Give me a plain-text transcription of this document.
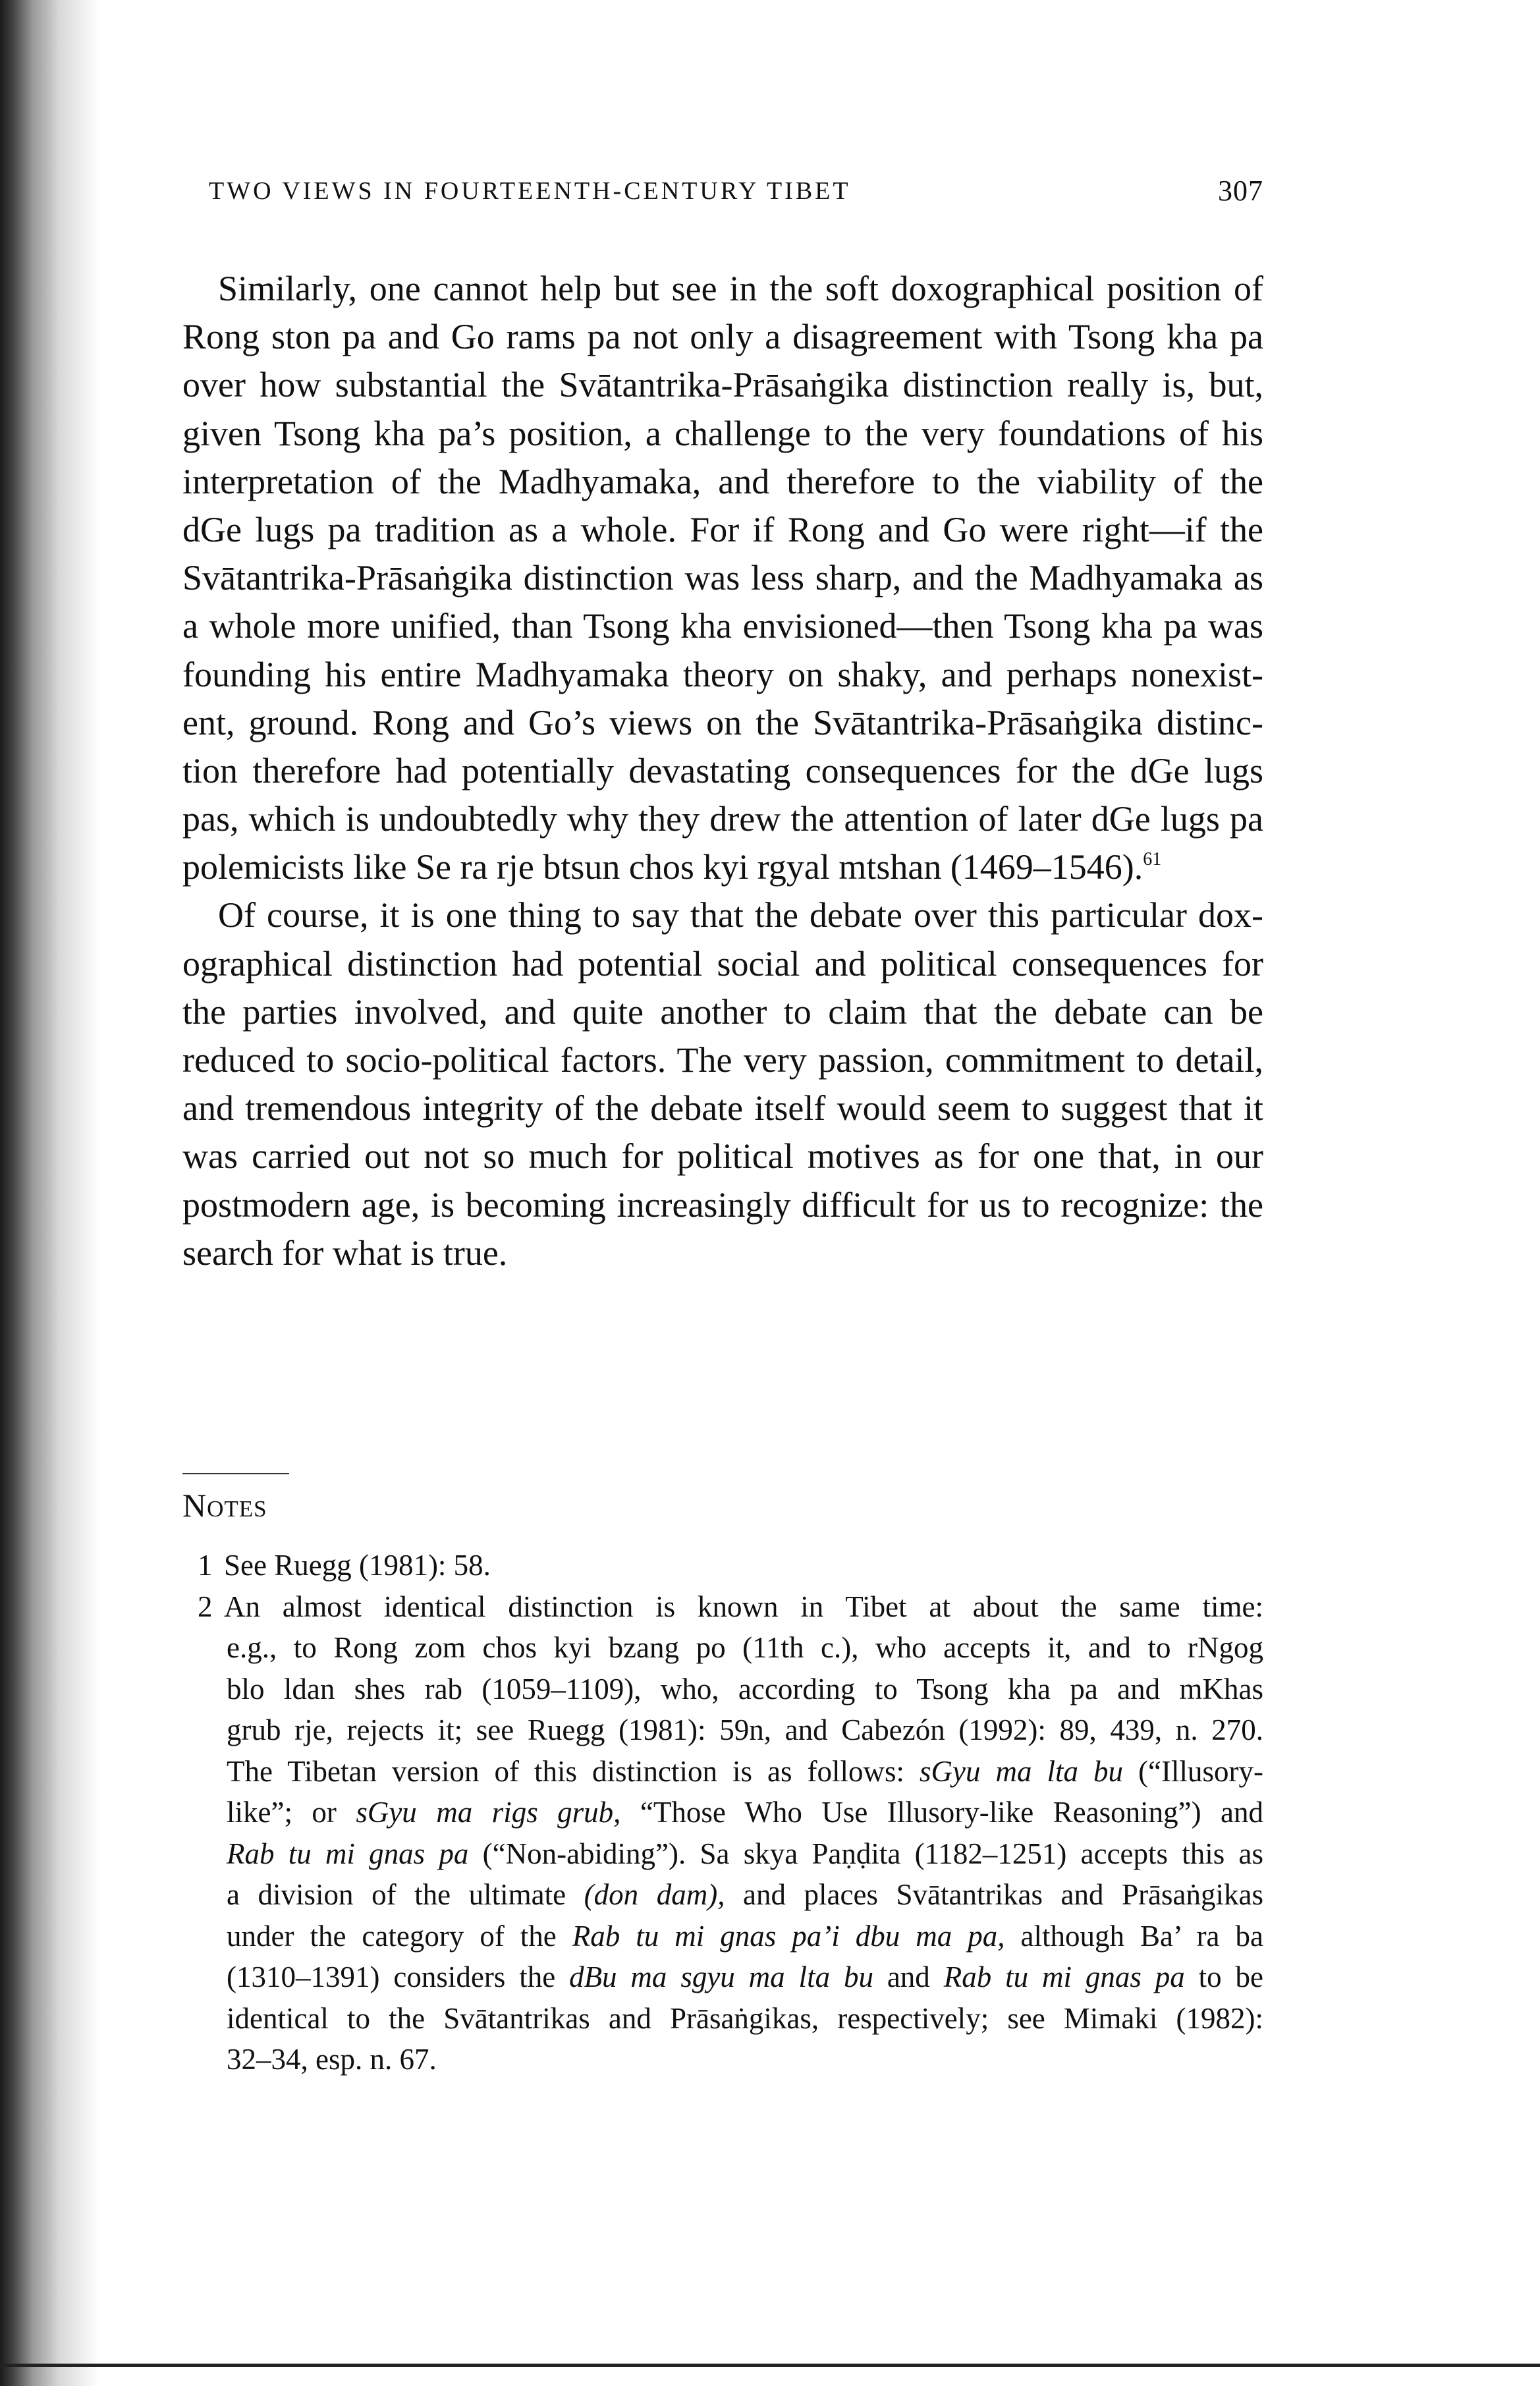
TWO VIEWS IN FOURTEENTH-CENTURY TIBET	307
Similarly, one cannot help but see in the soft doxographical position of
Rong ston pa and Go rams pa not only a disagreement with Tsong kha pa
over how substantial the Svātantrika-Prāsaṅgika distinction really is, but,
given Tsong kha pa’s position, a challenge to the very foundations of his
interpretation of the Madhyamaka, and therefore to the viability of the
dGe lugs pa tradition as a whole. For if Rong and Go were right—if the
Svātantrika-Prāsaṅgika distinction was less sharp, and the Madhyamaka as
a whole more unified, than Tsong kha envisioned—then Tsong kha pa was
founding his entire Madhyamaka theory on shaky, and perhaps nonexist-
ent, ground. Rong and Go’s views on the Svātantrika-Prāsaṅgika distinc-
tion therefore had potentially devastating consequences for the dGe lugs
pas, which is undoubtedly why they drew the attention of later dGe lugs pa
polemicists like Se ra rje btsun chos kyi rgyal mtshan (1469–1546).$^{61}$
Of course, it is one thing to say that the debate over this particular dox-
ographical distinction had potential social and political consequences for
the parties involved, and quite another to claim that the debate can be
reduced to socio-political factors. The very passion, commitment to detail,
and tremendous integrity of the debate itself would seem to suggest that it
was carried out not so much for political motives as for one that, in our
postmodern age, is becoming increasingly difficult for us to recognize: the
search for what is true.
Notes
1 See Ruegg (1981): 58.
2 An almost identical distinction is known in Tibet at about the same time:
e.g., to Rong zom chos kyi bzang po (11th c.), who accepts it, and to rNgog
blo ldan shes rab (1059–1109), who, according to Tsong kha pa and mKhas
grub rje, rejects it; see Ruegg (1981): 59n, and Cabezón (1992): 89, 439, n. 270.
The Tibetan version of this distinction is as follows: sGyu ma lta bu (“Illusory-
like”; or sGyu ma rigs grub, “Those Who Use Illusory-like Reasoning”) and
Rab tu mi gnas pa (“Non-abiding”). Sa skya Paṇḍita (1182–1251) accepts this as
a division of the ultimate (don dam), and places Svātantrikas and Prāsaṅgikas
under the category of the Rab tu mi gnas pa’i dbu ma pa, although Ba’ ra ba
(1310–1391) considers the dBu ma sgyu ma lta bu and Rab tu mi gnas pa to be
identical to the Svātantrikas and Prāsaṅgikas, respectively; see Mimaki (1982):
32–34, esp. n. 67.
